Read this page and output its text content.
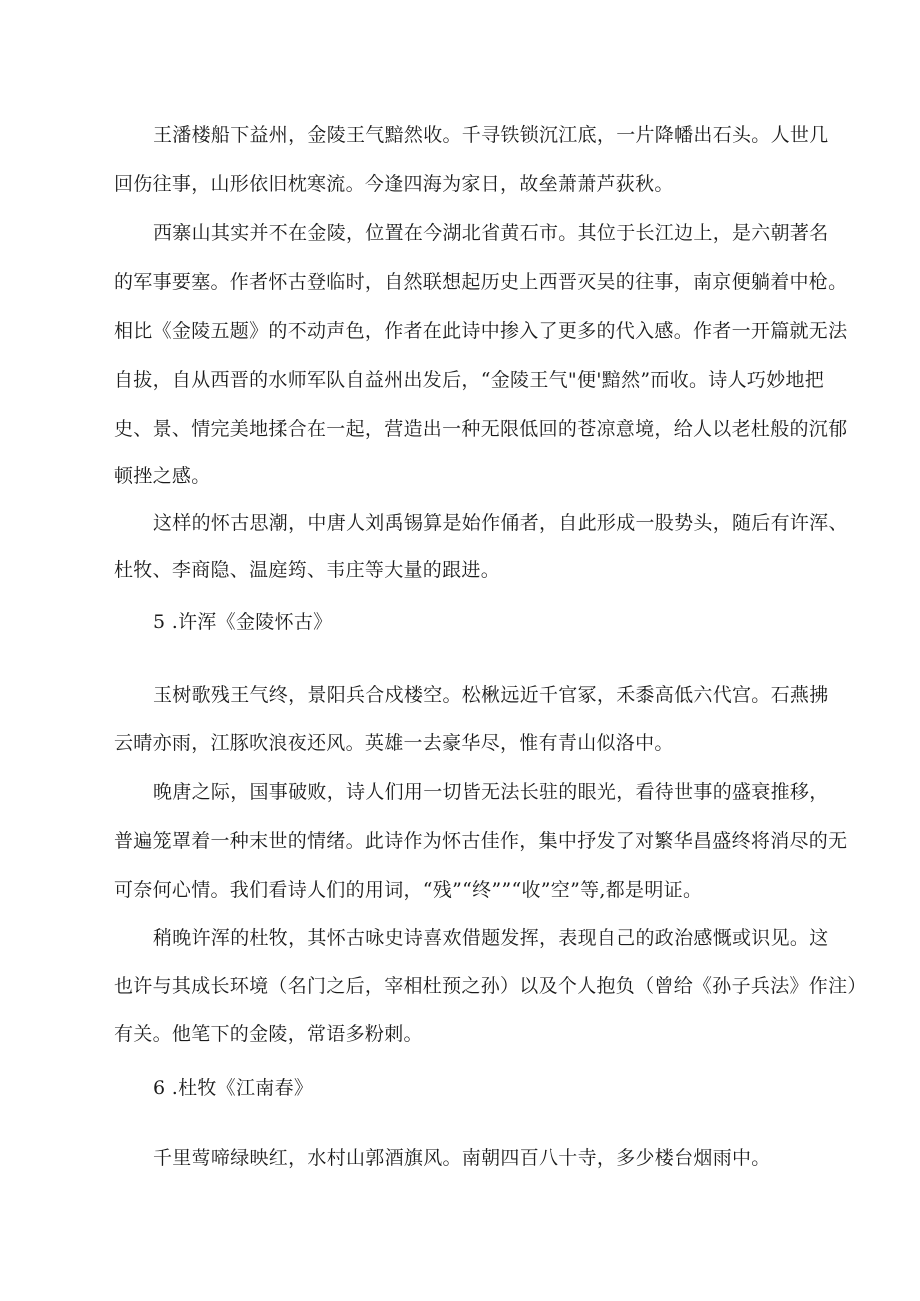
王潘楼船下益州，金陵王气黯然收。千寻铁锁沉江底，一片降幡出石头。人世几
回伤往事，山形依旧枕寒流。今逢四海为家日，故垒萧萧芦荻秋。
西寨山其实并不在金陵，位置在今湖北省黄石市。其位于长江边上，是六朝著名
的军事要塞。作者怀古登临时，自然联想起历史上西晋灭吴的往事，南京便躺着中枪。
相比《金陵五题》的不动声色，作者在此诗中掺入了更多的代入感。作者一开篇就无法
自拔，自从西晋的水师军队自益州出发后，“金陵王气"便'黯然”而收。诗人巧妙地把
史、景、情完美地揉合在一起，营造出一种无限低回的苍凉意境，给人以老杜般的沉郁
顿挫之感。
这样的怀古思潮，中唐人刘禹锡算是始作俑者，自此形成一股势头，随后有许浑、
杜牧、李商隐、温庭筠、韦庄等大量的跟进。
5 .许浑《金陵怀古》
玉树歌残王气终，景阳兵合戍楼空。松楸远近千官冢，禾黍高低六代宫。石燕拂
云晴亦雨，江豚吹浪夜还风。英雄一去豪华尽，惟有青山似洛中。
晚唐之际，国事破败，诗人们用一切皆无法长驻的眼光，看待世事的盛衰推移，
普遍笼罩着一种末世的情绪。此诗作为怀古佳作，集中抒发了对繁华昌盛终将消尽的无
可奈何心情。我们看诗人们的用词，“残”“终””“收”空”等,都是明证。
稍晚许浑的杜牧，其怀古咏史诗喜欢借题发挥，表现自己的政治感慨或识见。这
也许与其成长环境（名门之后，宰相杜预之孙）以及个人抱负（曾给《孙子兵法》作注）
有关。他笔下的金陵，常语多粉刺。
6 .杜牧《江南春》
千里莺啼绿映红，水村山郭酒旗风。南朝四百八十寺，多少楼台烟雨中。
